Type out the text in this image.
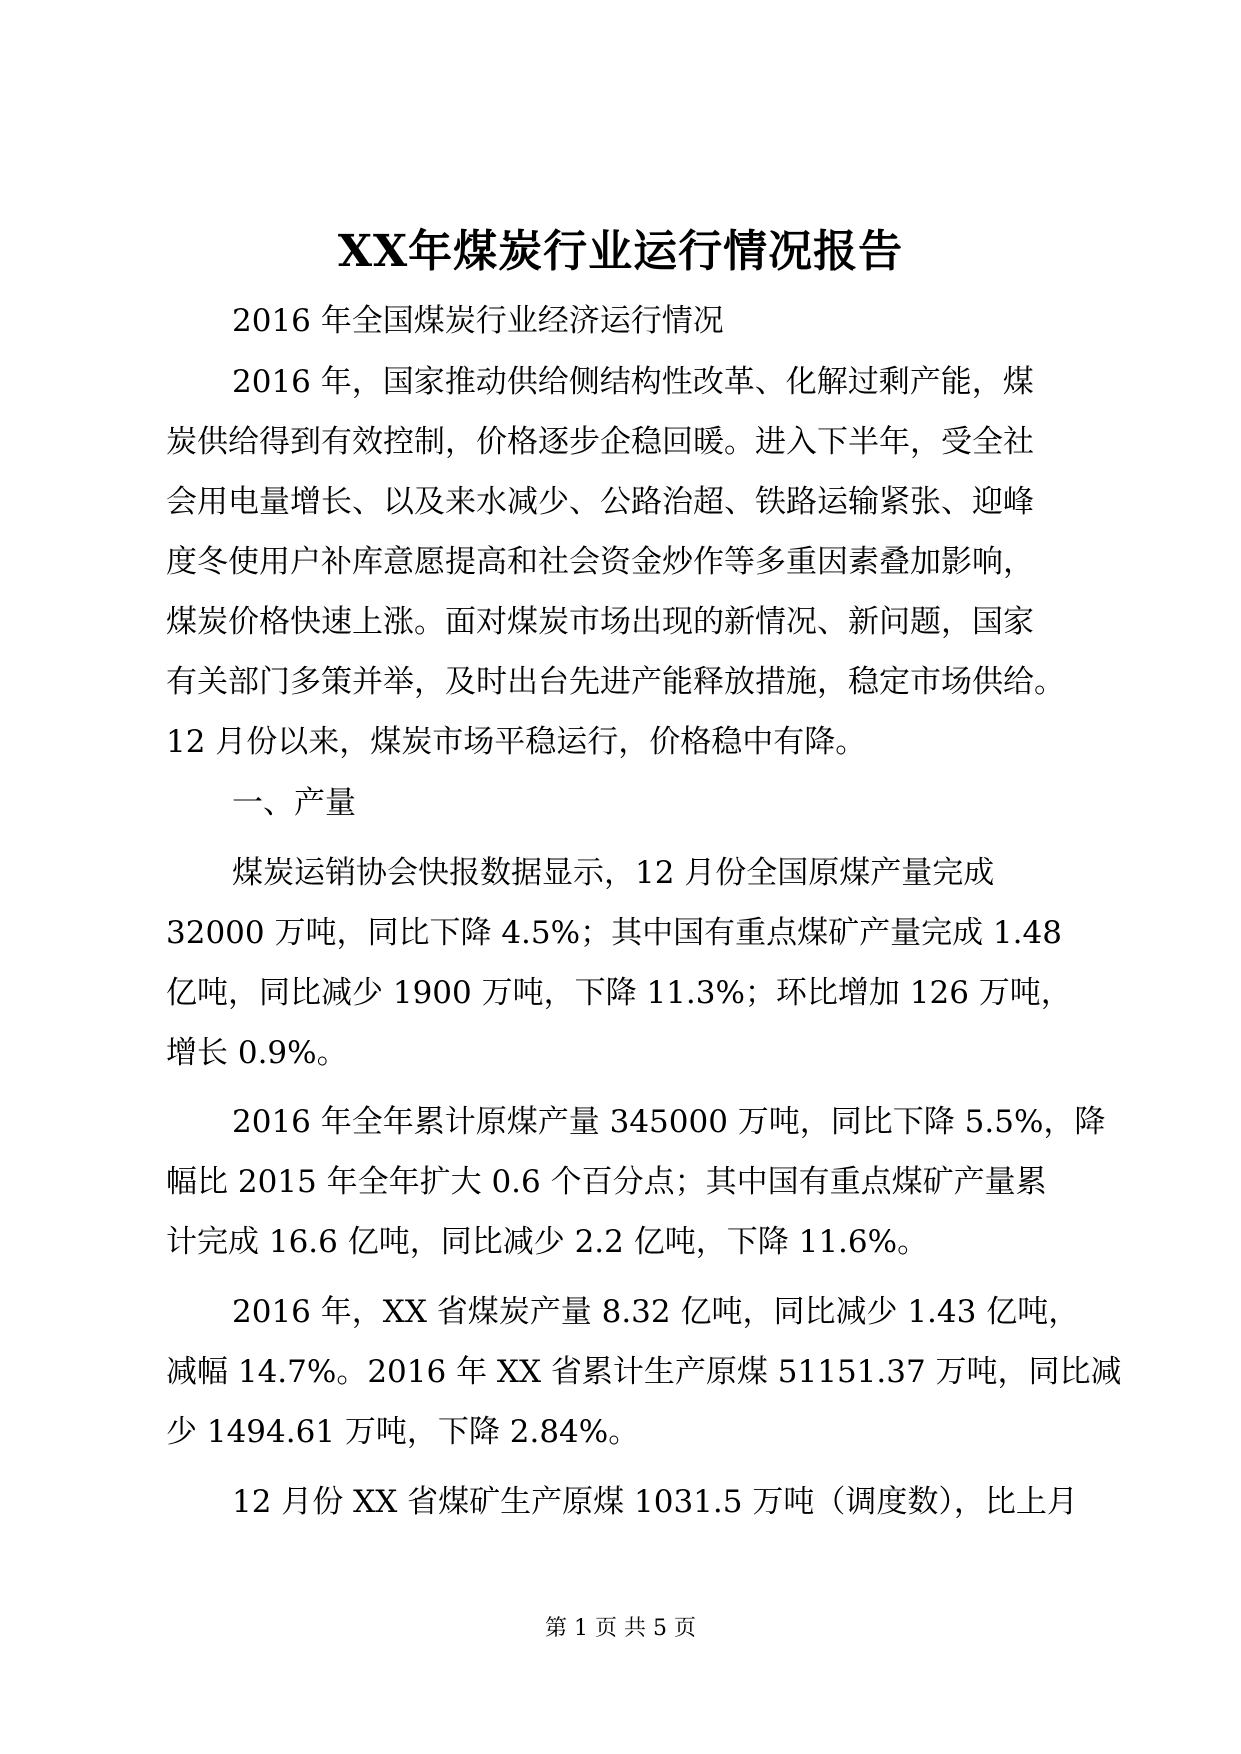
XX年煤炭行业运行情况报告
2016 年全国煤炭行业经济运行情况
2016 年，国家推动供给侧结构性改革、化解过剩产能，煤
炭供给得到有效控制，价格逐步企稳回暖。进入下半年，受全社
会用电量增长、以及来水减少、公路治超、铁路运输紧张、迎峰
度冬使用户补库意愿提高和社会资金炒作等多重因素叠加影响，
煤炭价格快速上涨。面对煤炭市场出现的新情况、新问题，国家
有关部门多策并举，及时出台先进产能释放措施，稳定市场供给。
12 月份以来，煤炭市场平稳运行，价格稳中有降。
一、产量
煤炭运销协会快报数据显示，12 月份全国原煤产量完成
32000 万吨，同比下降 4.5%；其中国有重点煤矿产量完成 1.48
亿吨，同比减少 1900 万吨，下降 11.3%；环比增加 126 万吨，
增长 0.9%。
2016 年全年累计原煤产量 345000 万吨，同比下降 5.5%，降
幅比 2015 年全年扩大 0.6 个百分点；其中国有重点煤矿产量累
计完成 16.6 亿吨，同比减少 2.2 亿吨，下降 11.6%。
2016 年，XX 省煤炭产量 8.32 亿吨，同比减少 1.43 亿吨，
减幅 14.7%。2016 年 XX 省累计生产原煤 51151.37 万吨，同比减
少 1494.61 万吨，下降 2.84%。
12 月份 XX 省煤矿生产原煤 1031.5 万吨（调度数），比上月
第 1 页 共 5 页
